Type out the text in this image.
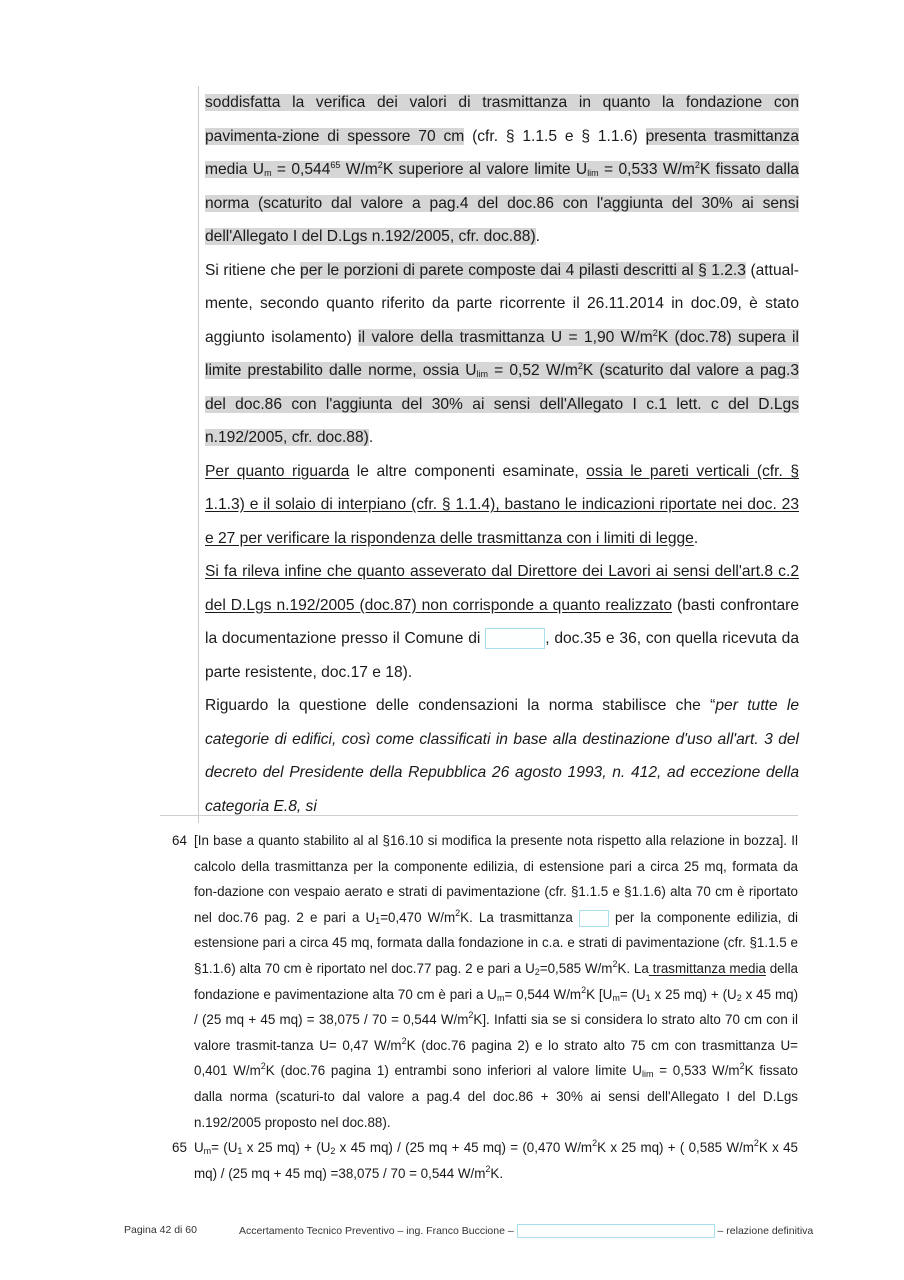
soddisfatta la verifica dei valori di trasmittanza in quanto la fondazione con pavimenta-zione di spessore 70 cm (cfr. § 1.1.5 e § 1.1.6) presenta trasmittanza media $U_m = 0,544^{65}$ $W/m^2K$ superiore al valore limite $U_{lim} = 0,533$ $W/m^2K$ fissato dalla norma (scaturito dal valore a pag.4 del doc.86 con l'aggiunta del 30% ai sensi dell'Allegato I del D.Lgs n.192/2005, cfr. doc.88).

Si ritiene che per le porzioni di parete composte dai 4 pilasti descritti al § 1.2.3 (attual-mente, secondo quanto riferito da parte ricorrente il 26.11.2014 in doc.09, è stato aggiunto isolamento) il valore della trasmittanza U = 1,90 $W/m^2K$ (doc.78) supera il limite prestabilito dalle norme, ossia $U_{lim} = 0,52$ $W/m^2K$ (scaturito dal valore a pag.3 del doc.86 con l'aggiunta del 30% ai sensi dell'Allegato I c.1 lett. c del D.Lgs n.192/2005, cfr. doc.88).

Per quanto riguarda le altre componenti esaminate, ossia le pareti verticali (cfr. § 1.1.3) e il solaio di interpiano (cfr. § 1.1.4), bastano le indicazioni riportate nei doc. 23 e 27 per verificare la rispondenza delle trasmittanza con i limiti di legge.

Si fa rileva infine che quanto asseverato dal Direttore dei Lavori ai sensi dell'art.8 c.2 del D.Lgs n.192/2005 (doc.87) non corrisponde a quanto realizzato (basti confrontare la documentazione presso il Comune di	, doc.35 e 36, con quella ricevuta da parte resistente, doc.17 e 18).

Riguardo la questione delle condensazioni la norma stabilisce che “per tutte le categorie di edifici, così come classificati in base alla destinazione d'uso all'art. 3 del decreto del Presidente della Repubblica 26 agosto 1993, n. 412, ad eccezione della categoria E.8, si

64 [In base a quanto stabilito al al §16.10 si modifica la presente nota rispetto alla relazione in bozza]. Il calcolo della trasmittanza per la componente edilizia, di estensione pari a circa 25 mq, formata da fon-dazione con vespaio aerato e strati di pavimentazione (cfr. §1.1.5 e §1.1.6) alta 70 cm è riportato nel doc.76 pag. 2 e pari a $U_1=0,470$ $W/m^2K$. La trasmittanza  per la componente edilizia, di estensione pari a circa 45 mq, formata dalla fondazione in c.a. e strati di pavimentazione (cfr. §1.1.5 e §1.1.6) alta 70 cm è riportato nel doc.77 pag. 2 e pari a $U_2=0,585$ $W/m^2K$. La trasmittanza media della fondazione e pavimentazione alta 70 cm è pari a $U_m= 0,544$ $W/m^2K$ [$U_m= (U_1$ x 25 $mq) + (U_2$ x 45 mq) / (25 mq + 45 mq) = 38,075 / 70 = 0,544 $W/m^2K$]. Infatti sia se si considera lo strato alto 70 cm con il valore trasmit-tanza U= 0,47 $W/m^2K$ (doc.76 pagina 2) e lo strato alto 75 cm con trasmittanza U= 0,401 $W/m^2K$ (doc.76 pagina 1) entrambi sono inferiori al valore limite $U_{lim} = 0,533$ $W/m^2K$ fissato dalla norma (scaturi-to dal valore a pag.4 del doc.86 + 30% ai sensi dell'Allegato I del D.Lgs n.192/2005 proposto nel doc.88).
65 $U_m= (U_1$ x 25 $mq) + (U_2$ x 45 mq) / (25 mq + 45 mq) = (0,470 $W/m^2K$ x 25 mq) + ( 0,585 $W/m^2K$ x 45 mq) / (25 mq + 45 mq) =38,075 / 70 = 0,544 $W/m^2K$.
Pagina 42 di 60	Accertamento Tecnico Preventivo – ing. Franco Buccione –	– relazione definitiva
